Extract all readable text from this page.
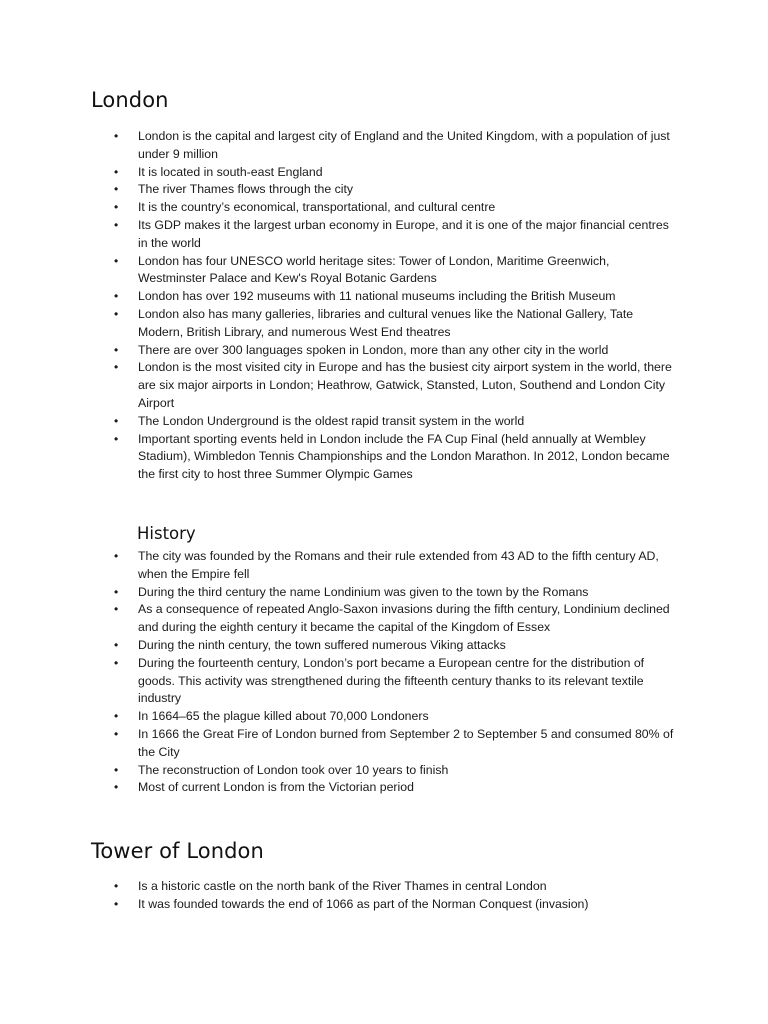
London
• London is the capital and largest city of England and the United Kingdom, with a population of just under 9 million
• It is located in south-east England
• The river Thames flows through the city
• It is the country’s economical, transportational, and cultural centre
• Its GDP makes it the largest urban economy in Europe, and it is one of the major financial centres in the world
• London has four UNESCO world heritage sites: Tower of London, Maritime Greenwich, Westminster Palace and Kew's Royal Botanic Gardens
• London has over 192 museums with 11 national museums including the British Museum
• London also has many galleries, libraries and cultural venues like the National Gallery, Tate Modern, British Library, and numerous West End theatres
• There are over 300 languages spoken in London, more than any other city in the world
• London is the most visited city in Europe and has the busiest city airport system in the world, there are six major airports in London; Heathrow, Gatwick, Stansted, Luton, Southend and London City Airport
• The London Underground is the oldest rapid transit system in the world
• Important sporting events held in London include the FA Cup Final (held annually at Wembley Stadium), Wimbledon Tennis Championships and the London Marathon. In 2012, London became the first city to host three Summer Olympic Games
History
• The city was founded by the Romans and their rule extended from 43 AD to the fifth century AD, when the Empire fell
• During the third century the name Londinium was given to the town by the Romans
• As a consequence of repeated Anglo-Saxon invasions during the fifth century, Londinium declined and during the eighth century it became the capital of the Kingdom of Essex
• During the ninth century, the town suffered numerous Viking attacks
• During the fourteenth century, London’s port became a European centre for the distribution of goods. This activity was strengthened during the fifteenth century thanks to its relevant textile industry
• In 1664–65 the plague killed about 70,000 Londoners
• In 1666 the Great Fire of London burned from September 2 to September 5 and consumed 80% of the City
• The reconstruction of London took over 10 years to finish
• Most of current London is from the Victorian period
Tower of London
• Is a historic castle on the north bank of the River Thames in central London
• It was founded towards the end of 1066 as part of the Norman Conquest (invasion)
